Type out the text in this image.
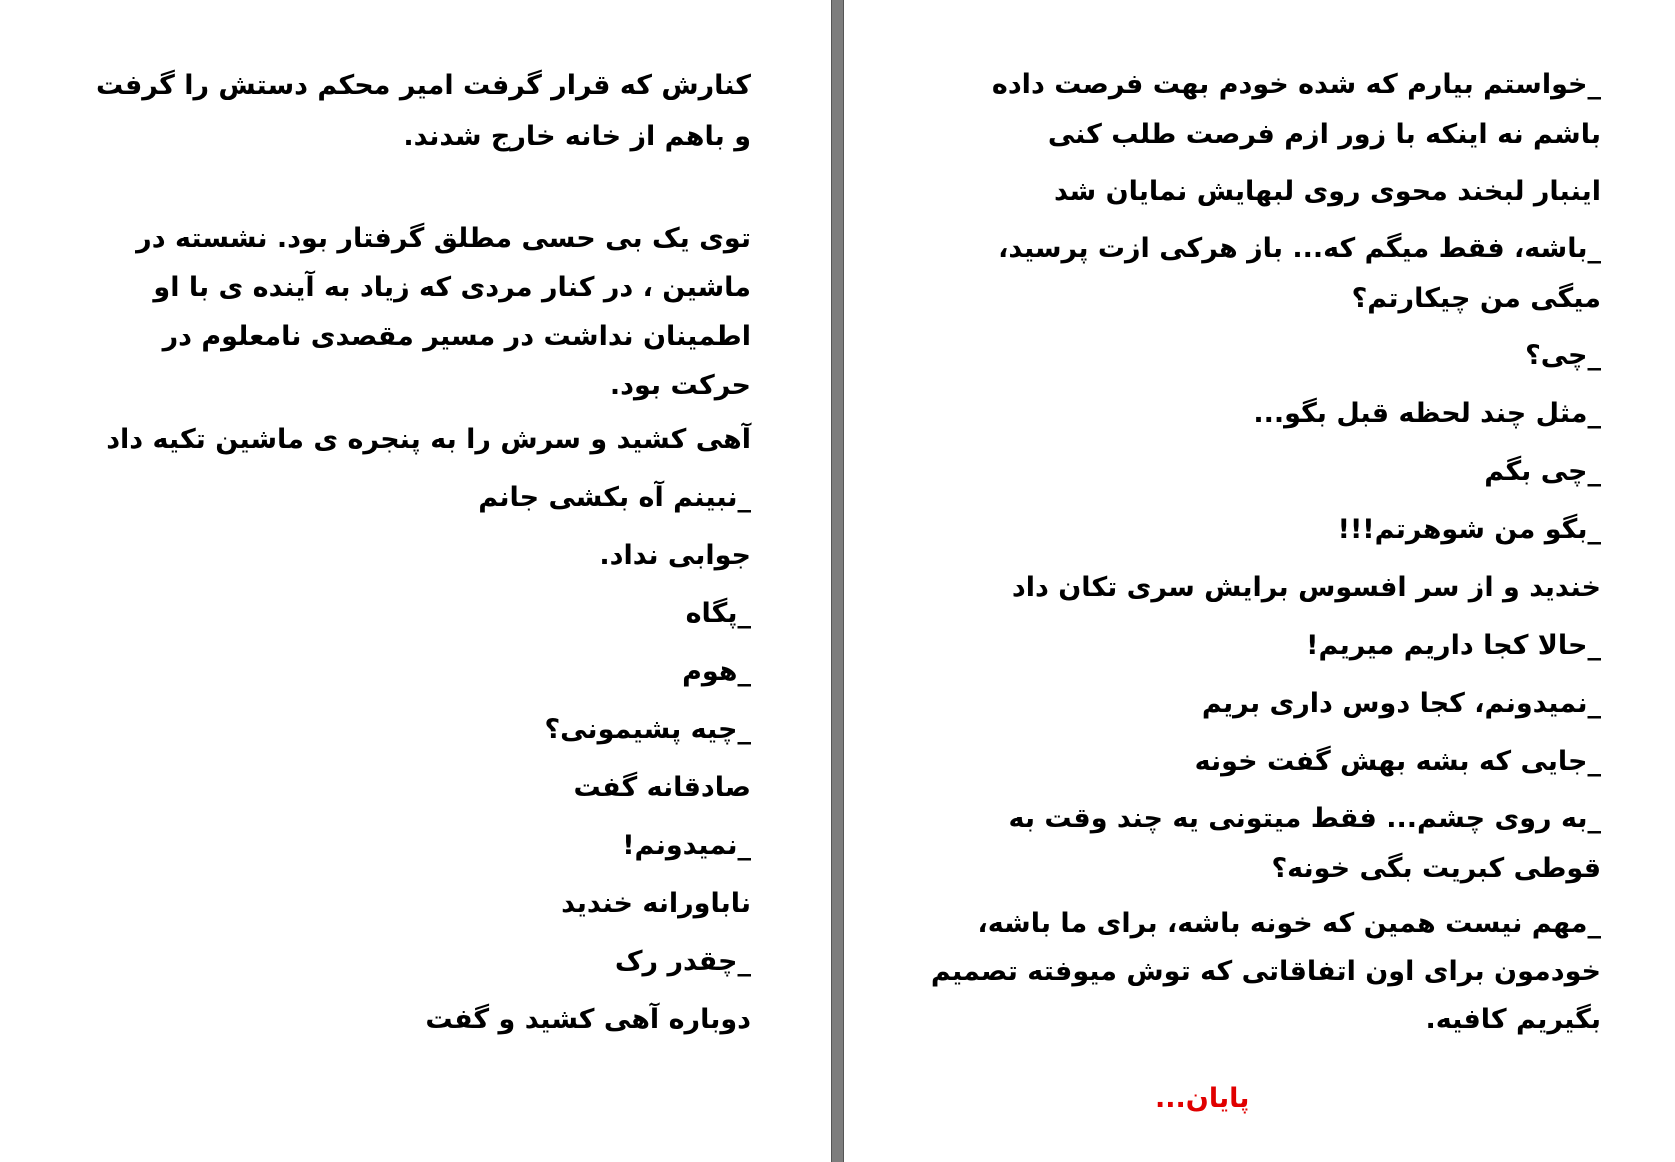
کنارش که قرار گرفت امیر محکم دستش را گرفت و باهم از خانه خارج شدند.

توی یک بی حسی مطلق گرفتار بود. نشسته در ماشین ، در کنار مردی که زیاد به آینده ی با او اطمینان نداشت در مسیر مقصدی نامعلوم در حرکت بود.

آهی کشید و سرش را به پنجره ی ماشین تکیه داد

_نبینم آه بکشی جانم

جوابی نداد.

_پگاه

_هوم

_چیه پشیمونی؟

صادقانه گفت

_نمیدونم!

ناباورانه خندید

_چقدر رک

دوباره آهی کشید و گفت

_خواستم بیارم که شده خودم بهت فرصت داده باشم نه اینکه با زور ازم فرصت طلب کنی

اینبار لبخند محوی روی لبهایش نمایان شد

_باشه، فقط میگم که... باز هرکی ازت پرسید، میگی من چیکارتم؟

_چی؟

_مثل چند لحظه قبل بگو...

_چی بگم

_بگو من شوهرتم!!!

خندید و از سر افسوس برایش سری تکان داد

_حالا کجا داریم میریم!

_نمیدونم، کجا دوس داری بریم

_جایی که بشه بهش گفت خونه

_به روی چشم... فقط میتونی یه چند وقت به قوطی کبریت بگی خونه؟

_مهم نیست همین که خونه باشه، برای ما باشه، خودمون برای اون اتفاقاتی که توش میوفته تصمیم بگیریم کافیه.

پایان...
